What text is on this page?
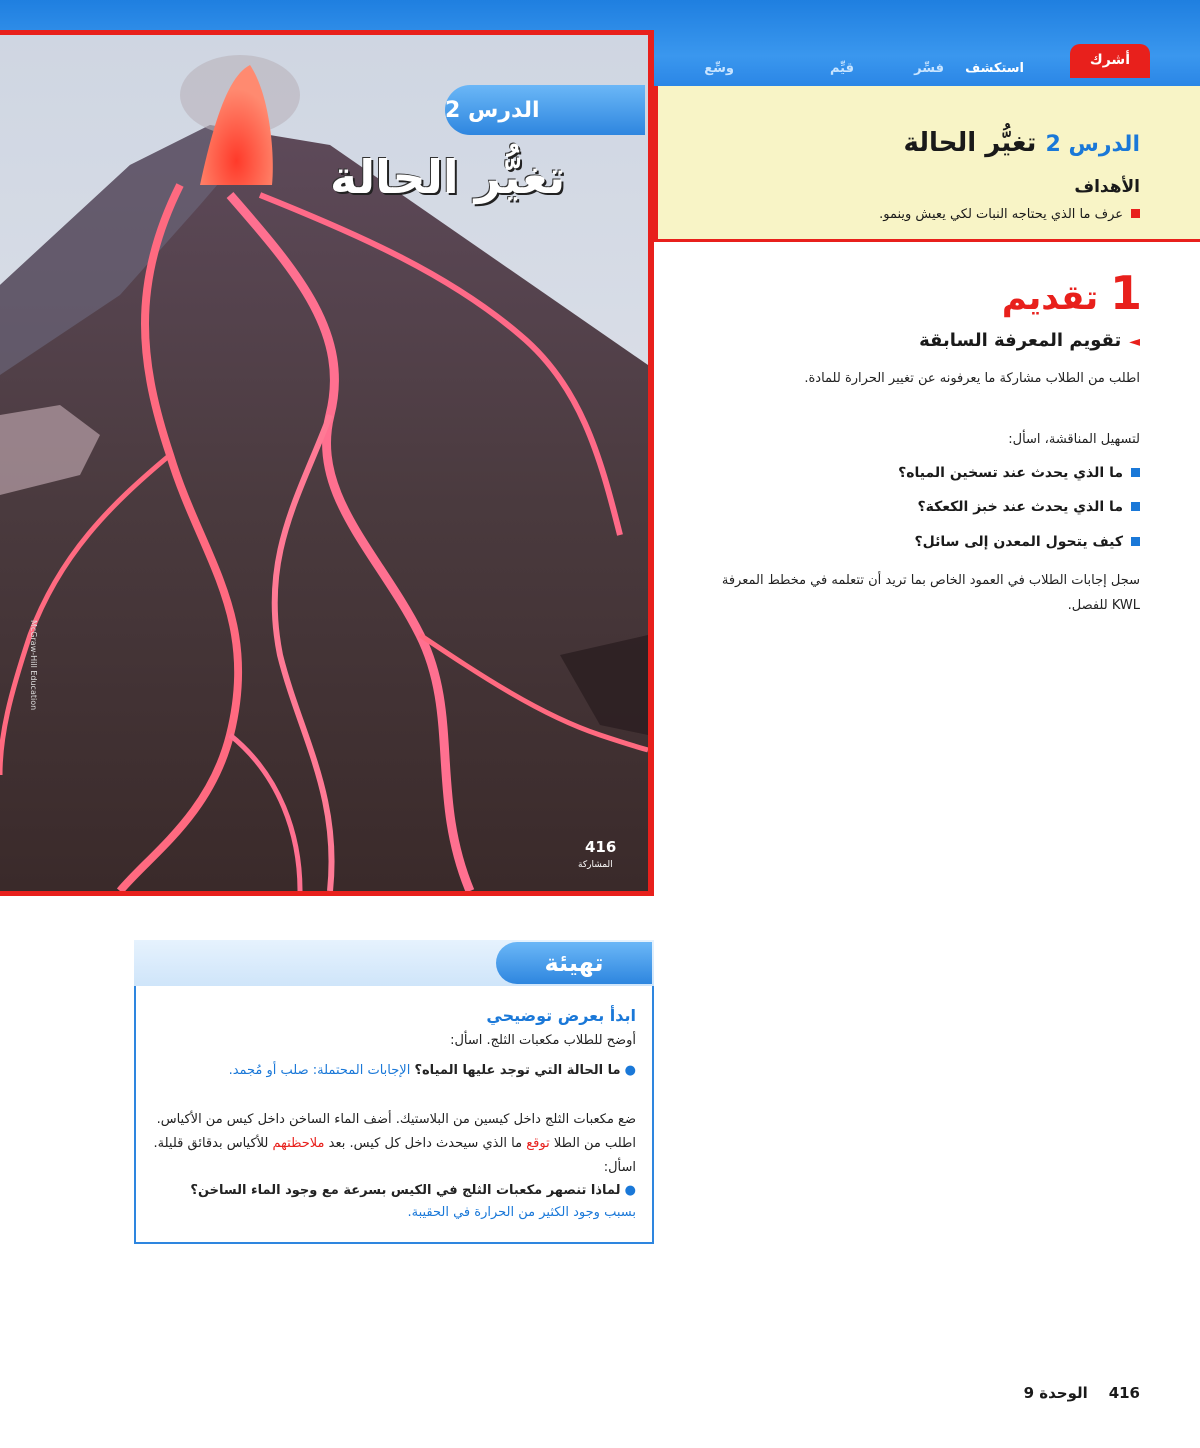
أشرك
استكشف
فسِّر
قيِّم
وسِّع
الدرس 2
تغيُّر الحالة
McGraw-Hill Education
416
المشاركة
الدرس 2 تغيُّر الحالة
الأهداف
عرف ما الذي يحتاجه النبات لكي يعيش وينمو.
1 تقديم
◄تقويم المعرفة السابقة
اطلب من الطلاب مشاركة ما يعرفونه عن تغيير الحرارة للمادة.
لتسهيل المناقشة، اسأل:
ما الذي يحدث عند تسخين المياه؟
ما الذي يحدث عند خبز الكعكة؟
كيف يتحول المعدن إلى سائل؟
سجل إجابات الطلاب في العمود الخاص بما تريد أن تتعلمه في مخطط المعرفة KWL للفصل.
تهيئة
ابدأ بعرض توضيحي
أوضح للطلاب مكعبات الثلج. اسأل:
● ما الحالة التي توجد عليها المياه؟ الإجابات المحتملة: صلب أو مُجمد.
ضع مكعبات الثلج داخل كيسين من البلاستيك. أضف الماء الساخن داخل كيس من الأكياس. اطلب من الطلا توقع ما الذي سيحدث داخل كل كيس. بعد ملاحظتهم للأكياس بدقائق قليلة. اسأل:
● لماذا تنصهر مكعبات الثلج في الكيس بسرعة مع وجود الماء الساخن؟ بسبب وجود الكثير من الحرارة في الحقيبة.
416    الوحدة 9
